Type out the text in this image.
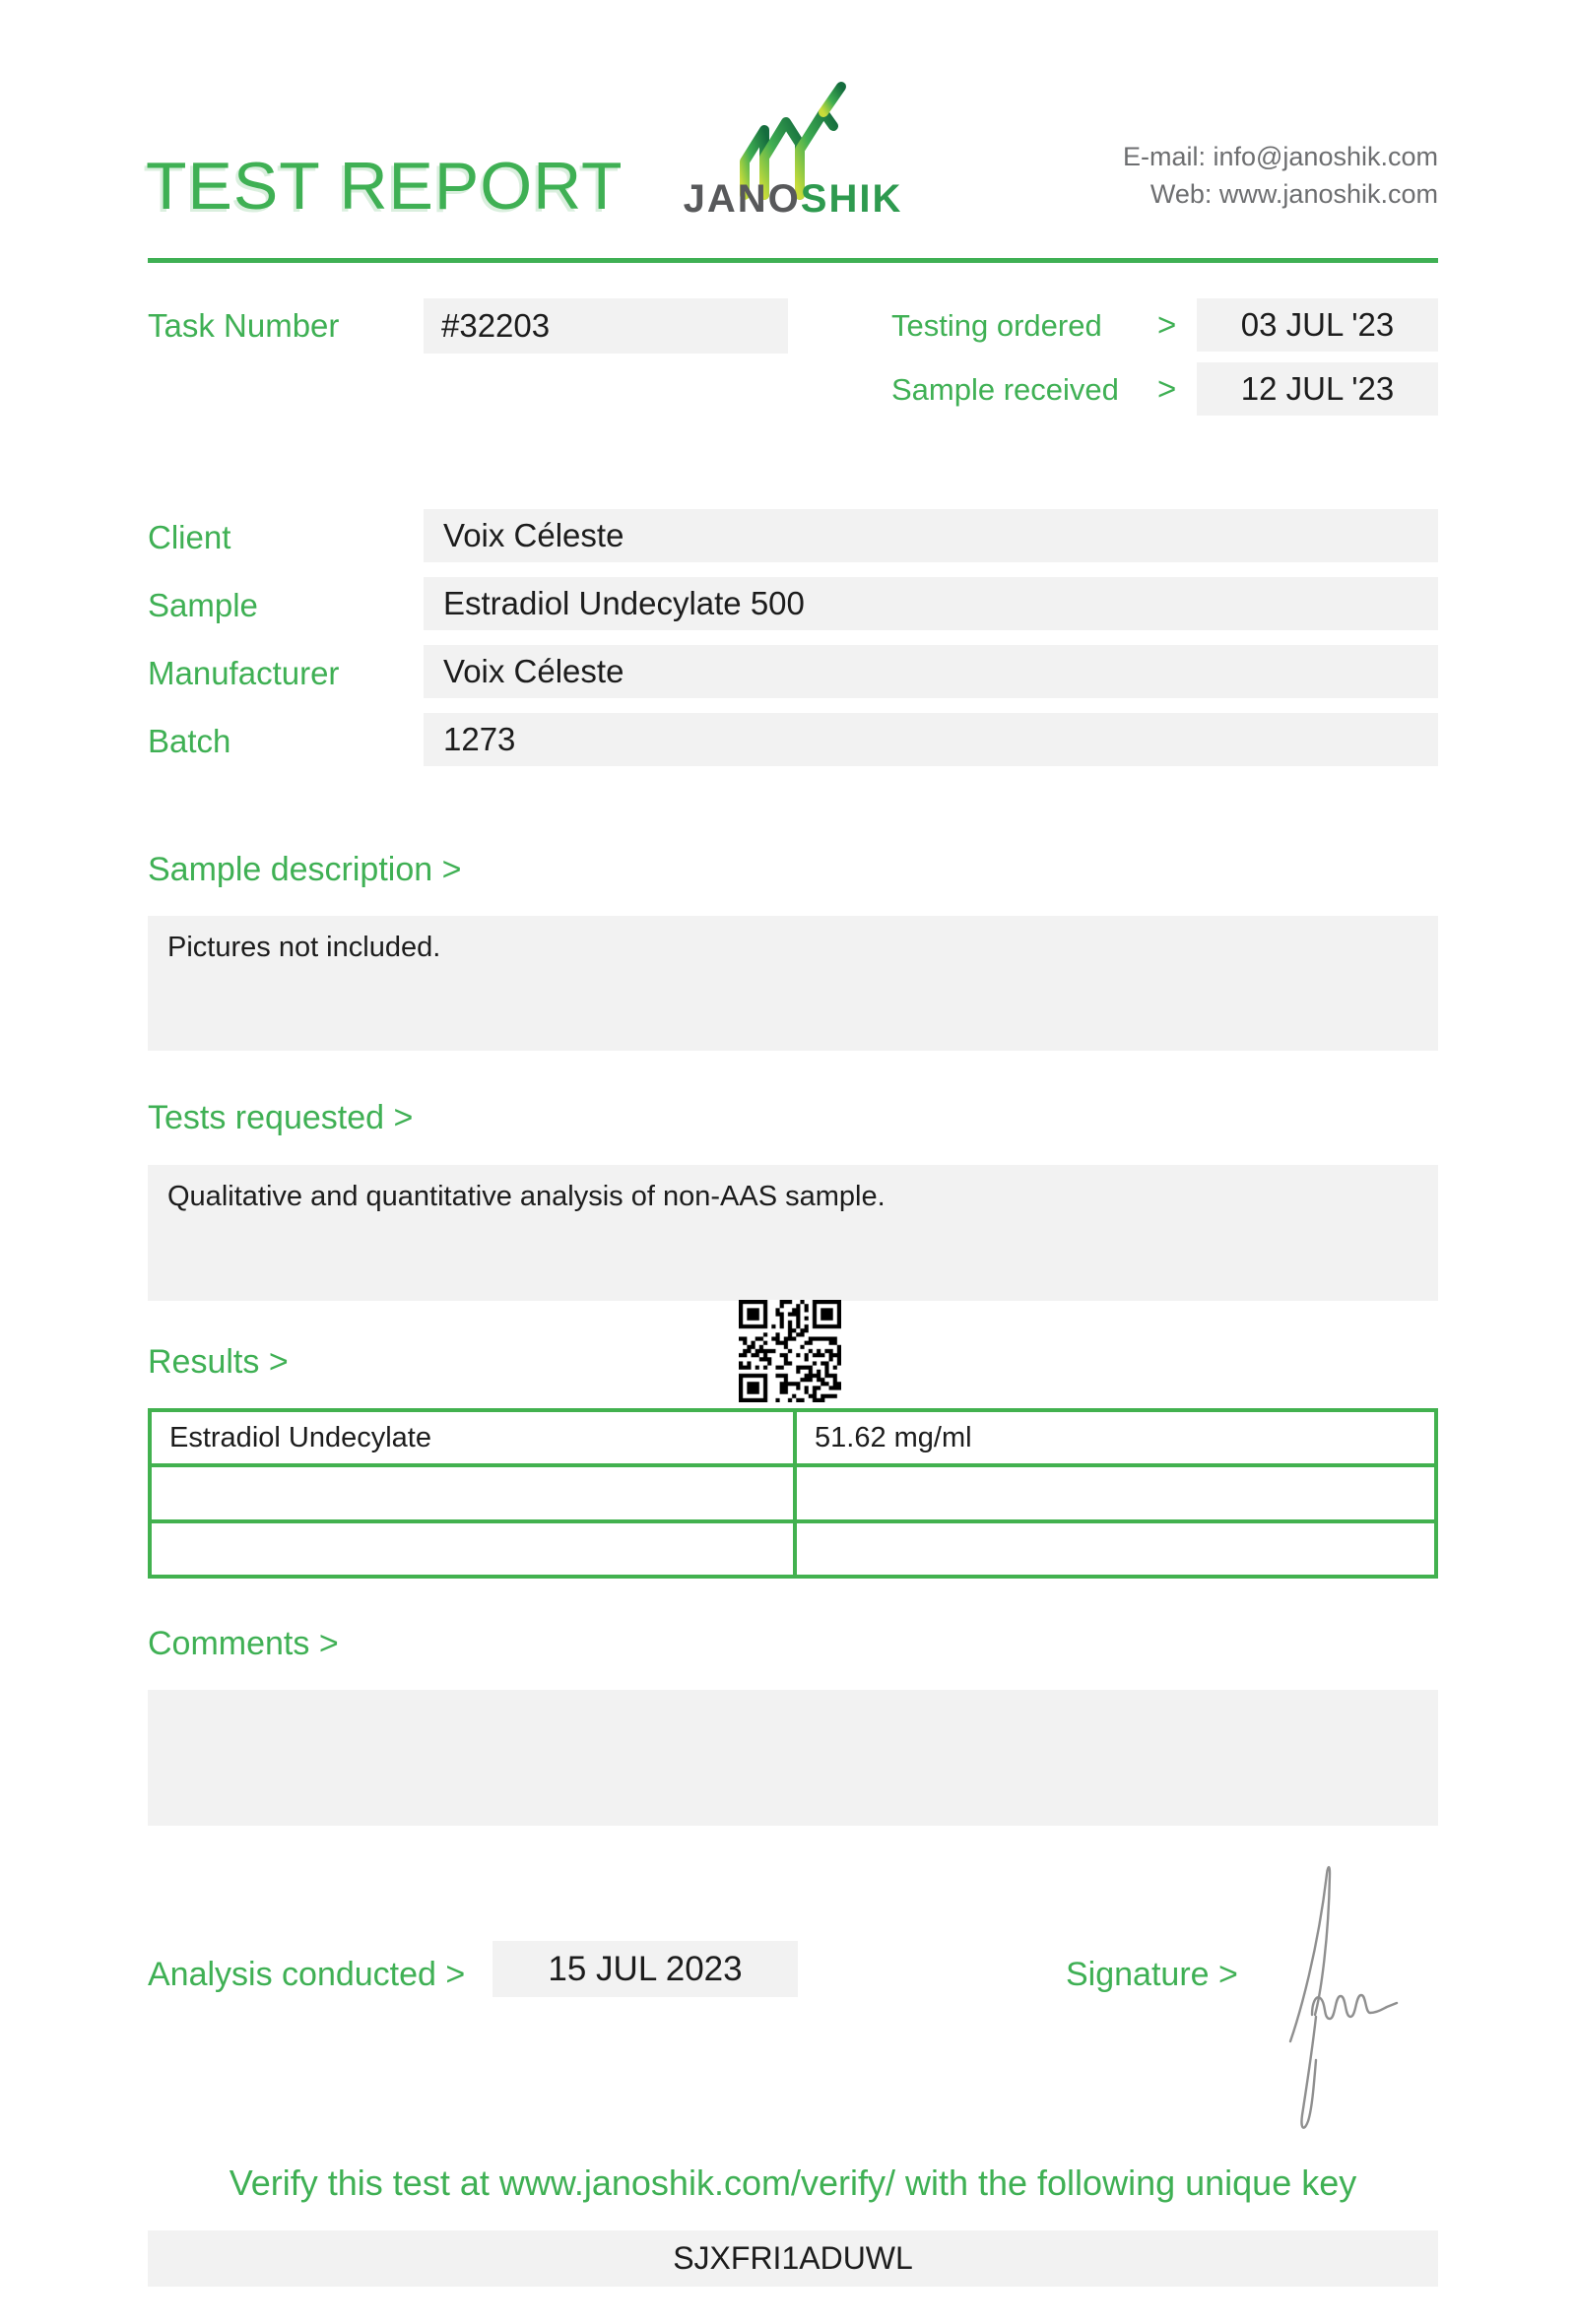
TEST REPORT	JANOSHIK
E-mail: info@janoshik.com
Web: www.janoshik.com
Task Number	#32203	Testing ordered >	03 JUL '23
Sample received >	12 JUL '23
Client	Voix Céleste
Sample	Estradiol Undecylate 500
Manufacturer	Voix Céleste
Batch	1273
Sample description >
Pictures not included.
Tests requested >
Qualitative and quantitative analysis of non-AAS sample.
Results >
Estradiol Undecylate	51.62 mg/ml

Comments >
Analysis conducted >	15 JUL 2023	Signature >
Verify this test at www.janoshik.com/verify/ with the following unique key
SJXFRI1ADUWL
